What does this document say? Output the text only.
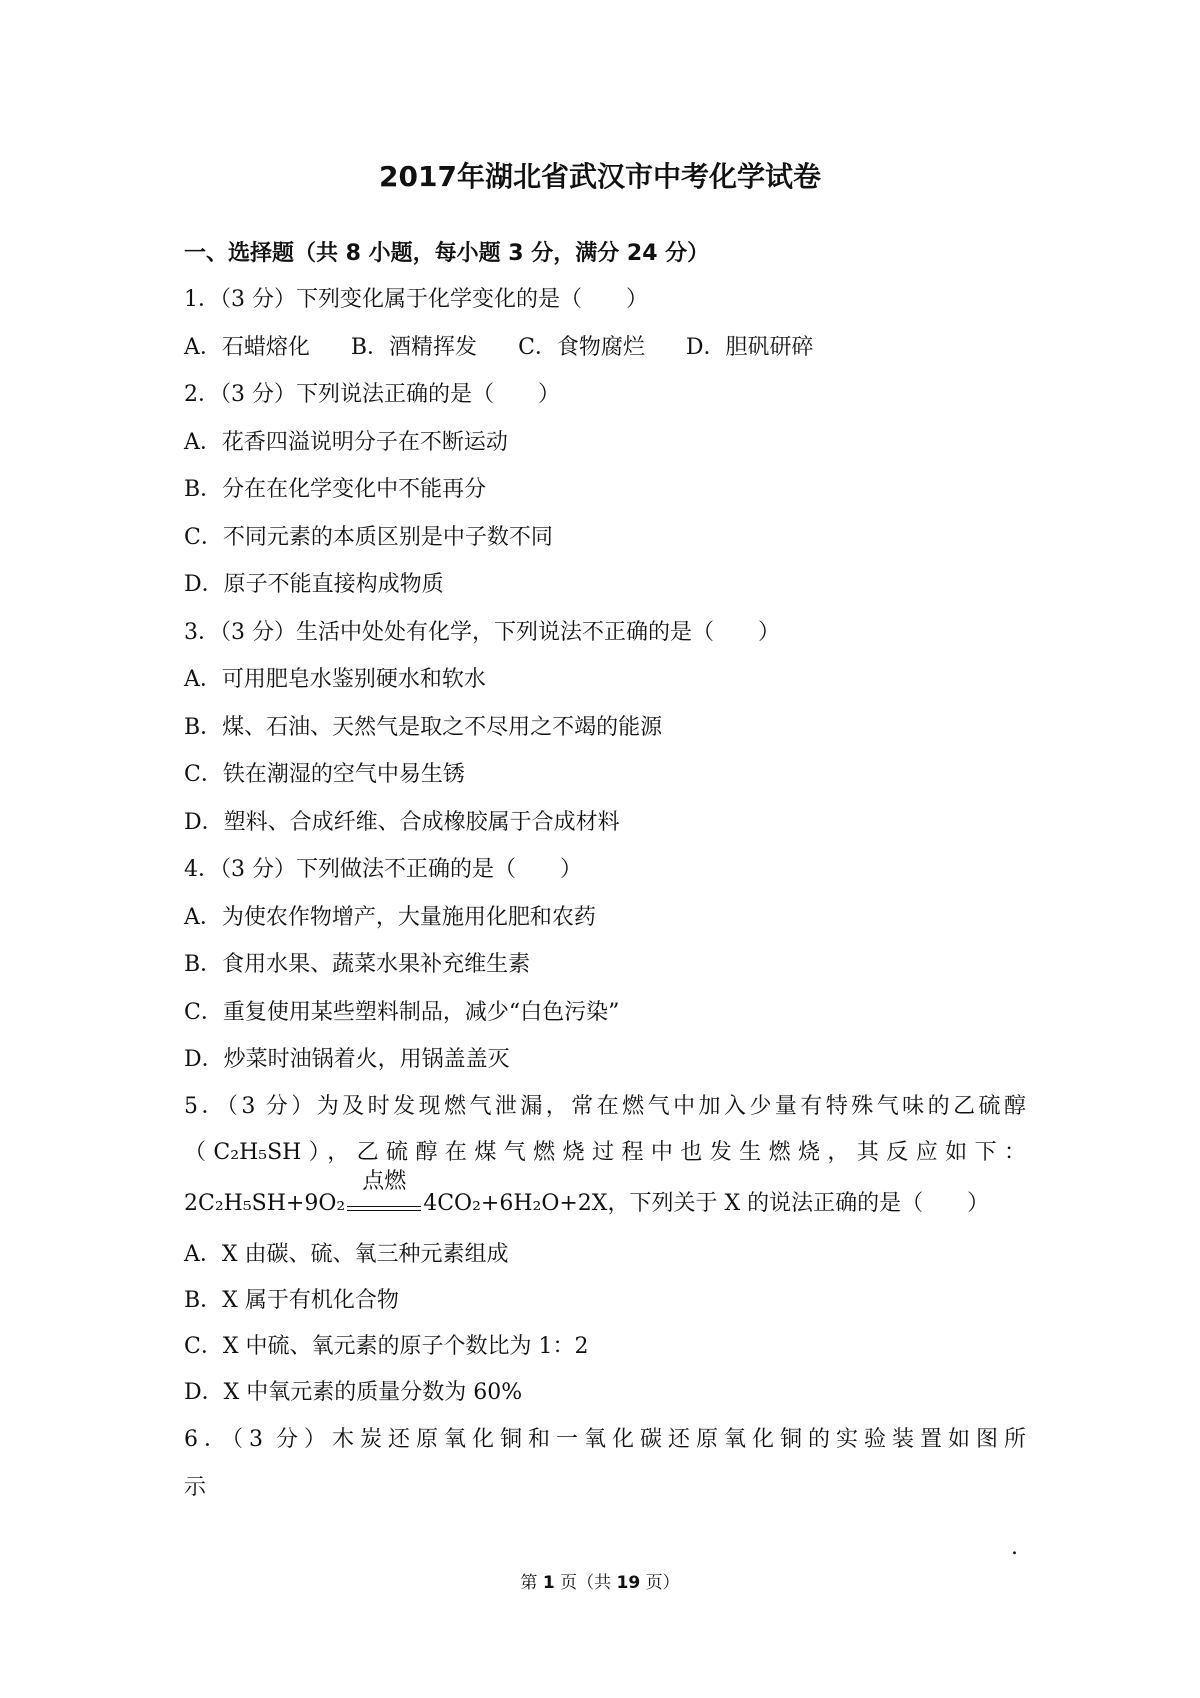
2017年湖北省武汉市中考化学试卷

一、选择题（共 8 小题，每小题 3 分，满分 24 分）

1．（3 分）下列变化属于化学变化的是（　　）

A．石蜡熔化 B．酒精挥发 C．食物腐烂 D．胆矾研碎

2．（3 分）下列说法正确的是（　　）

A．花香四溢说明分子在不断运动

B．分在在化学变化中不能再分

C．不同元素的本质区别是中子数不同

D．原子不能直接构成物质

3．（3 分）生活中处处有化学，下列说法不正确的是（　　）

A．可用肥皂水鉴别硬水和软水

B．煤、石油、天然气是取之不尽用之不竭的能源

C．铁在潮湿的空气中易生锈

D．塑料、合成纤维、合成橡胶属于合成材料

4．（3 分）下列做法不正确的是（　　）

A．为使农作物增产，大量施用化肥和农药

B．食用水果、蔬菜水果补充维生素

C．重复使用某些塑料制品，减少“白色污染”

D．炒菜时油锅着火，用锅盖盖灭

5．（3 分）为及时发现燃气泄漏，常在燃气中加入少量有特殊气味的乙硫醇

（C₂H₅SH），乙硫醇在煤气燃烧过程中也发生燃烧，其反应如下：

2C₂H₅SH+9O₂
点燃
4CO₂+6H₂O+2X，下列关于 X 的说法正确的是（　　）

A．X 由碳、硫、氧三种元素组成

B．X 属于有机化合物

C．X 中硫、氧元素的原子个数比为 1：2

D．X 中氧元素的质量分数为 60%

6．（3 分）木炭还原氧化铜和一氧化碳还原氧化铜的实验装置如图所

示

.
第 1 页（共 19 页）
